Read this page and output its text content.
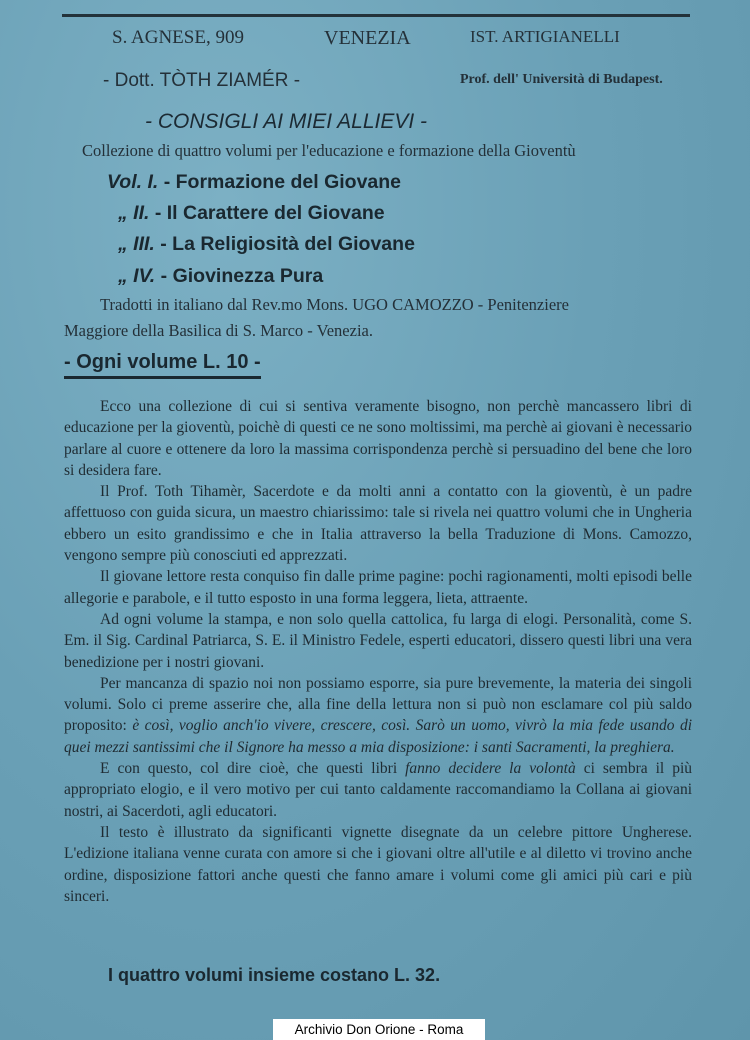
S. AGNESE, 909	VENEZIA	IST. ARTIGIANELLI
- Dott. TÒTH ZIAMÉR -	Prof. dell' Università di Budapest.
- CONSIGLI AI MIEI ALLIEVI -
Collezione di quattro volumi per l'educazione e formazione della Gioventù
Vol. I. - Formazione del Giovane
„ II. - Il Carattere del Giovane
„ III. - La Religiosità del Giovane
„ IV. - Giovinezza Pura
Tradotti in italiano dal Rev.mo Mons. UGO CAMOZZO - Penitenziere
Maggiore della Basilica di S. Marco - Venezia.
- Ogni volume L. 10 -

Ecco una collezione di cui si sentiva veramente bisogno, non perchè mancassero libri di educazione per la gioventù, poichè di questi ce ne sono moltissimi, ma perchè ai giovani è necessario parlare al cuore e ottenere da loro la massima corrispondenza perchè si persuadino del bene che loro si desidera fare.

Il Prof. Toth Tihamèr, Sacerdote e da molti anni a contatto con la gioventù, è un padre affettuoso con guida sicura, un maestro chiarissimo: tale si rivela nei quattro volumi che in Ungheria ebbero un esito grandissimo e che in Italia attraverso la bella Traduzione di Mons. Camozzo, vengono sempre più conosciuti ed apprezzati.

Il giovane lettore resta conquiso fin dalle prime pagine: pochi ragionamenti, molti episodi belle allegorie e parabole, e il tutto esposto in una forma leggera, lieta, attraente.

Ad ogni volume la stampa, e non solo quella cattolica, fu larga di elogi. Personalità, come S. Em. il Sig. Cardinal Patriarca, S. E. il Ministro Fedele, esperti educatori, dissero questi libri una vera benedizione per i nostri giovani.

Per mancanza di spazio noi non possiamo esporre, sia pure brevemente, la materia dei singoli volumi. Solo ci preme asserire che, alla fine della lettura non si può non esclamare col più saldo proposito: è così, voglio anch'io vivere, crescere, così. Sarò un uomo, vivrò la mia fede usando di quei mezzi santissimi che il Signore ha messo a mia disposizione: i santi Sacramenti, la preghiera.

E con questo, col dire cioè, che questi libri fanno decidere la volontà ci sembra il più appropriato elogio, e il vero motivo per cui tanto caldamente raccomandiamo la Collana ai giovani nostri, ai Sacerdoti, agli educatori.

Il testo è illustrato da significanti vignette disegnate da un celebre pittore Ungherese. L'edizione italiana venne curata con amore si che i giovani oltre all'utile e al diletto vi trovino anche ordine, disposizione fattori anche questi che fanno amare i volumi come gli amici più cari e più sinceri.

I quattro volumi insieme costano L. 32.
Archivio Don Orione - Roma
